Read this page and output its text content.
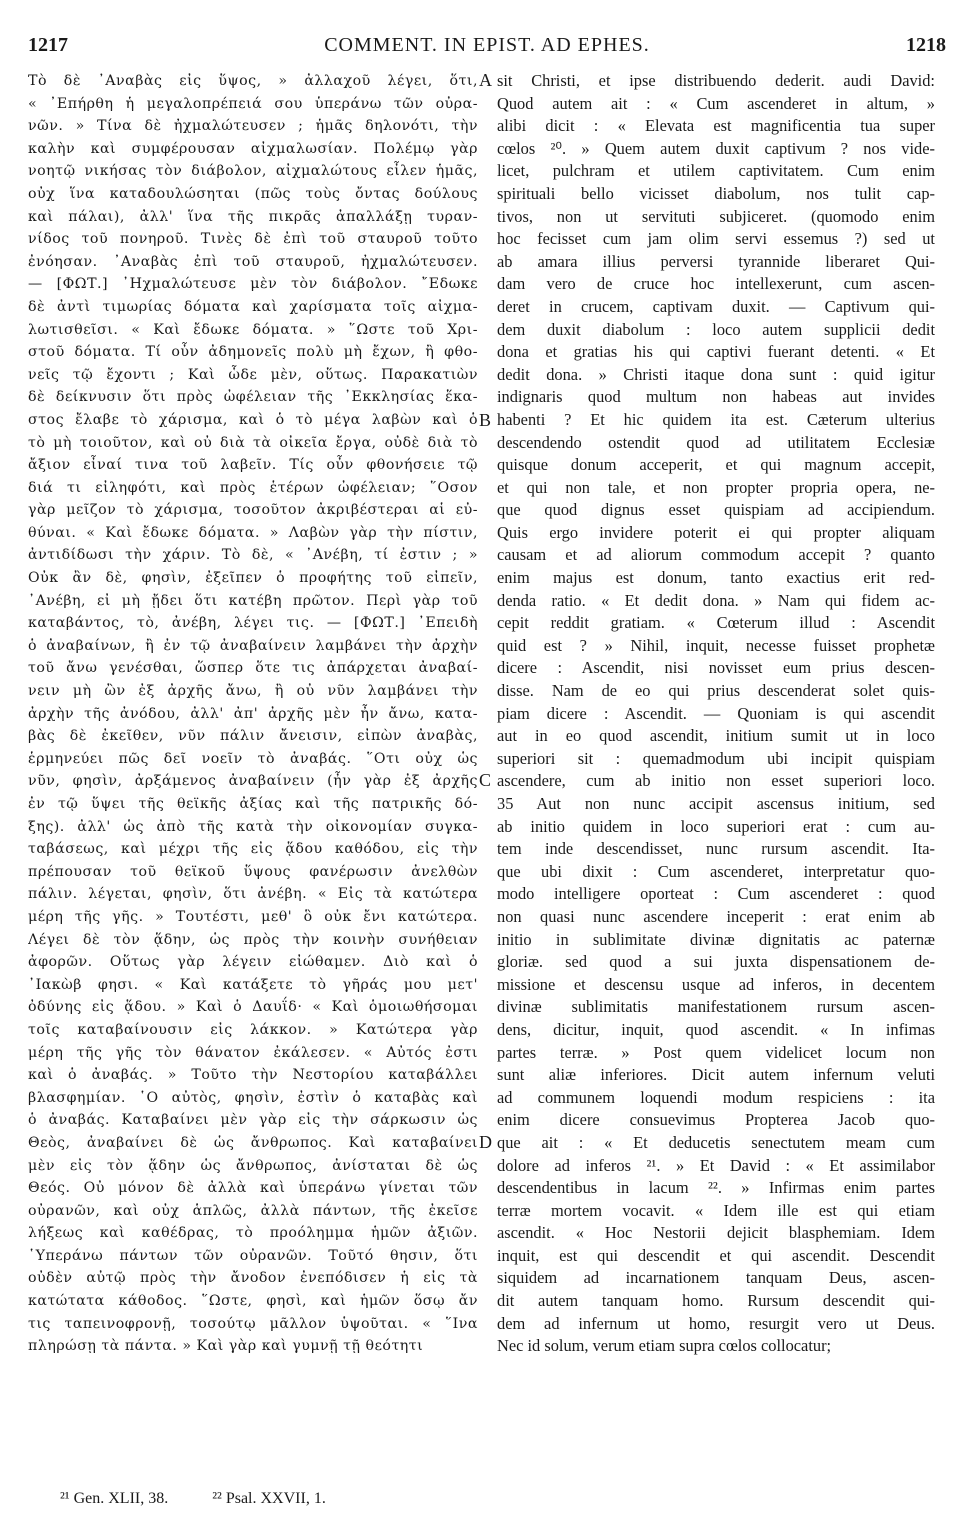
1217	COMMENT. IN EPIST. AD EPHES.	1218
Τὸ δὲ ᾿Αναβὰς εἰς ὕψος, » ἀλλαχοῦ λέγει, ὅτι,
« ᾿Επήρθη ἡ μεγαλοπρέπειά σου ὑπεράνω τῶν οὐρα-
νῶν. » Τίνα δὲ ἠχμαλώτευσεν ; ἡμᾶς δηλονότι, τὴν
καλὴν καὶ συμφέρουσαν αἰχμαλωσίαν. Πολέμῳ γὰρ
νοητῷ νικήσας τὸν διάβολον, αἰχμαλώτους εἶλεν ἡμᾶς,
οὐχ ἵνα καταδουλώσηται (πῶς τοὺς ὄντας δούλους
καὶ πάλαι), ἀλλ' ἵνα τῆς πικρᾶς ἀπαλλάξῃ τυραν-
νίδος τοῦ πονηροῦ. Τινὲς δὲ ἐπὶ τοῦ σταυροῦ τοῦτο
ἐνόησαν. ᾿Αναβὰς ἐπὶ τοῦ σταυροῦ, ἠχμαλώτευσεν.
— [ΦΩΤ.] ᾿Ηχμαλώτευσε μὲν τὸν διάβολον. ῎Εδωκε
δὲ ἀντὶ τιμωρίας δόματα καὶ χαρίσματα τοῖς αἰχμα-
λωτισθεῖσι. « Καὶ ἔδωκε δόματα. » ῞Ωστε τοῦ Χρι-
στοῦ δόματα. Τί οὖν ἀδημονεῖς πολὺ μὴ ἔχων, ἢ φθο-
νεῖς τῷ ἔχοντι ; Καὶ ὧδε μὲν, οὕτως. Παρακατιὼν
δὲ δείκνυσιν ὅτι πρὸς ὠφέλειαν τῆς ᾿Εκκλησίας ἕκα-
στος ἔλαβε τὸ χάρισμα, καὶ ὁ τὸ μέγα λαβὼν καὶ ὁ
τὸ μὴ τοιοῦτον, καὶ οὐ διὰ τὰ οἰκεῖα ἔργα, οὐδὲ διὰ τὸ
ἄξιον εἶναί τινα τοῦ λαβεῖν. Τίς οὖν φθονήσειε τῷ
διά τι εἰληφότι, καὶ πρὸς ἑτέρων ὠφέλειαν; ῞Οσον
γὰρ μεῖζον τὸ χάρισμα, τοσοῦτον ἀκριβέστεραι αἱ εὐ-
θύναι. « Καὶ ἔδωκε δόματα. » Λαβὼν γὰρ τὴν πίστιν,
ἀντιδίδωσι τὴν χάριν. Τὸ δὲ, « ᾿Ανέβη, τί ἐστιν ; »
Οὐκ ἂν δὲ, φησὶν, ἐξεῖπεν ὁ προφήτης τοῦ εἰπεῖν,
᾿Ανέβη, εἰ μὴ ᾔδει ὅτι κατέβη πρῶτον. Περὶ γὰρ τοῦ
καταβάντος, τὸ, ἀνέβη, λέγει τις. — [ΦΩΤ.] ᾿Επειδὴ
ὁ ἀναβαίνων, ἢ ἐν τῷ ἀναβαίνειν λαμβάνει τὴν ἀρχὴν
τοῦ ἄνω γενέσθαι, ὥσπερ ὅτε τις ἀπάρχεται ἀναβαί-
νειν μὴ ὢν ἐξ ἀρχῆς ἄνω, ἢ οὐ νῦν λαμβάνει τὴν
ἀρχὴν τῆς ἀνόδου, ἀλλ' ἀπ' ἀρχῆς μὲν ἦν ἄνω, κατα-
βὰς δὲ ἐκεῖθεν, νῦν πάλιν ἄνεισιν, εἰπὼν ἀναβὰς,
ἑρμηνεύει πῶς δεῖ νοεῖν τὸ ἀναβάς. ῞Οτι οὐχ ὡς
νῦν, φησὶν, ἀρξάμενος ἀναβαίνειν (ἦν γὰρ ἐξ ἀρχῆς
ἐν τῷ ὕψει τῆς θεϊκῆς ἀξίας καὶ τῆς πατρικῆς δό-
ξης). ἀλλ' ὡς ἀπὸ τῆς κατὰ τὴν οἰκονομίαν συγκα-
ταβάσεως, καὶ μέχρι τῆς εἰς ᾅδου καθόδου, εἰς τὴν
πρέπουσαν τοῦ θεϊκοῦ ὕψους φανέρωσιν ἀνελθὼν
πάλιν. λέγεται, φησὶν, ὅτι ἀνέβη. « Εἰς τὰ κατώτερα
μέρη τῆς γῆς. » Τουτέστι, μεθ' ὃ οὐκ ἔνι κατώτερα.
Λέγει δὲ τὸν ᾅδην, ὡς πρὸς τὴν κοινὴν συνήθειαν
ἀφορῶν. Οὕτως γὰρ λέγειν εἰώθαμεν. Διὸ καὶ ὁ
᾿Ιακὼβ φησι. « Καὶ κατάξετε τὸ γῆράς μου μετ'
ὀδύνης εἰς ᾅδου. » Καὶ ὁ Δαυΐδ· « Καὶ ὁμοιωθήσομαι
τοῖς καταβαίνουσιν εἰς λάκκον. » Κατώτερα γὰρ
μέρη τῆς γῆς τὸν θάνατον ἐκάλεσεν. « Αὐτός ἐστι
καὶ ὁ ἀναβάς. » Τοῦτο τὴν Νεστορίου καταβάλλει
βλασφημίαν. ῾Ο αὐτὸς, φησὶν, ἐστὶν ὁ καταβὰς καὶ
ὁ ἀναβάς. Καταβαίνει μὲν γὰρ εἰς τὴν σάρκωσιν ὡς
Θεὸς, ἀναβαίνει δὲ ὡς ἄνθρωπος. Καὶ καταβαίνει
μὲν εἰς τὸν ᾅδην ὡς ἄνθρωπος, ἀνίσταται δὲ ὡς
Θεός. Οὐ μόνον δὲ ἀλλὰ καὶ ὑπεράνω γίνεται τῶν
οὐρανῶν, καὶ οὐχ ἁπλῶς, ἀλλὰ πάντων, τῆς ἐκεῖσε
λήξεως καὶ καθέδρας, τὸ προόλημμα ἡμῶν ἀξιῶν.
῾Υπεράνω πάντων τῶν οὐρανῶν. Τοῦτό θησιν, ὅτι
οὐδὲν αὐτῷ πρὸς τὴν ἄνοδον ἐνεπόδισεν ἡ εἰς τὰ
κατώτατα κάθοδος. ῞Ωστε, φησὶ, καὶ ἡμῶν ὅσῳ ἄν
τις ταπεινοφρονῇ, τοσούτῳ μᾶλλον ὑψοῦται. « ῞Ινα
πληρώσῃ τὰ πάντα. » Καὶ γὰρ καὶ γυμνῇ τῇ θεότητι
sit Christi, et ipse distribuendo dederit. audi David:
Quod autem ait : « Cum ascenderet in altum, »
alibi dicit : « Elevata est magnificentia tua super
cœlos ²⁰. » Quem autem duxit captivum ? nos vide-
licet, pulchram et utilem captivitatem. Cum enim
spirituali bello vicisset diabolum, nos tulit cap-
tivos, non ut servituti subjiceret. (quomodo enim
hoc fecisset cum jam olim servi essemus ?) sed ut
ab amara illius perversi tyrannide liberaret Qui-
dam vero de cruce hoc intellexerunt, cum ascen-
deret in crucem, captivam duxit. — Captivum qui-
dem duxit diabolum : loco autem supplicii dedit
dona et gratias his qui captivi fuerant detenti. « Et
dedit dona. » Christi itaque dona sunt : quid igitur
indignaris quod multum non habeas aut invides
habenti ? Et hic quidem ita est. Cæterum ulterius
descendendo ostendit quod ad utilitatem Ecclesiæ
quisque donum acceperit, et qui magnum accepit,
et qui non tale, et non propter propria opera, ne-
que quod dignus esset quispiam ad accipiendum.
Quis ergo invidere poterit ei qui propter aliquam
causam et ad aliorum commodum accepit ? quanto
enim majus est donum, tanto exactius erit red-
denda ratio. « Et dedit dona. » Nam qui fidem ac-
cepit reddit gratiam. « Cœterum illud : Ascendit
quid est ? » Nihil, inquit, necesse fuisset prophetæ
dicere : Ascendit, nisi novisset eum prius descen-
disse. Nam de eo qui prius descenderat solet quis-
piam dicere : Ascendit. — Quoniam is qui ascendit
aut in eo quod ascendit, initium sumit ut in loco
superiori sit : quemadmodum ubi incipit quispiam
ascendere, cum ab initio non esset superiori loco.
35 Aut non nunc accipit ascensus initium, sed
ab initio quidem in loco superiori erat : cum au-
tem inde descendisset, nunc rursum ascendit. Ita-
que ubi dixit : Cum ascenderet, interpretatur quo-
modo intelligere oporteat : Cum ascenderet : quod
non quasi nunc ascendere inceperit : erat enim ab
initio in sublimitate divinæ dignitatis ac paternæ
gloriæ. sed quod a sui juxta dispensationem de-
missione et descensu usque ad inferos, in decentem
divinæ sublimitatis manifestationem rursum ascen-
dens, dicitur, inquit, quod ascendit. « In infimas
partes terræ. » Post quem videlicet locum non
sunt aliæ inferiores. Dicit autem infernum veluti
ad communem loquendi modum respiciens : ita
enim dicere consuevimus Propterea Jacob quo-
que ait : « Et deducetis senectutem meam cum
dolore ad inferos ²¹. » Et David : « Et assimilabor
descendentibus in lacum ²². » Infirmas enim partes
terræ mortem vocavit. « Idem ille est qui etiam
ascendit. « Hoc Nestorii dejicit blasphemiam. Idem
inquit, est qui descendit et qui ascendit. Descendit
siquidem ad incarnationem tanquam Deus, ascen-
dit autem tanquam homo. Rursum descendit qui-
dem ad infernum ut homo, resurgit vero ut Deus.
Nec id solum, verum etiam supra cœlos collocatur;
A
B
C
D
²¹ Gen. XLII, 38.	²² Psal. XXVII, 1.
